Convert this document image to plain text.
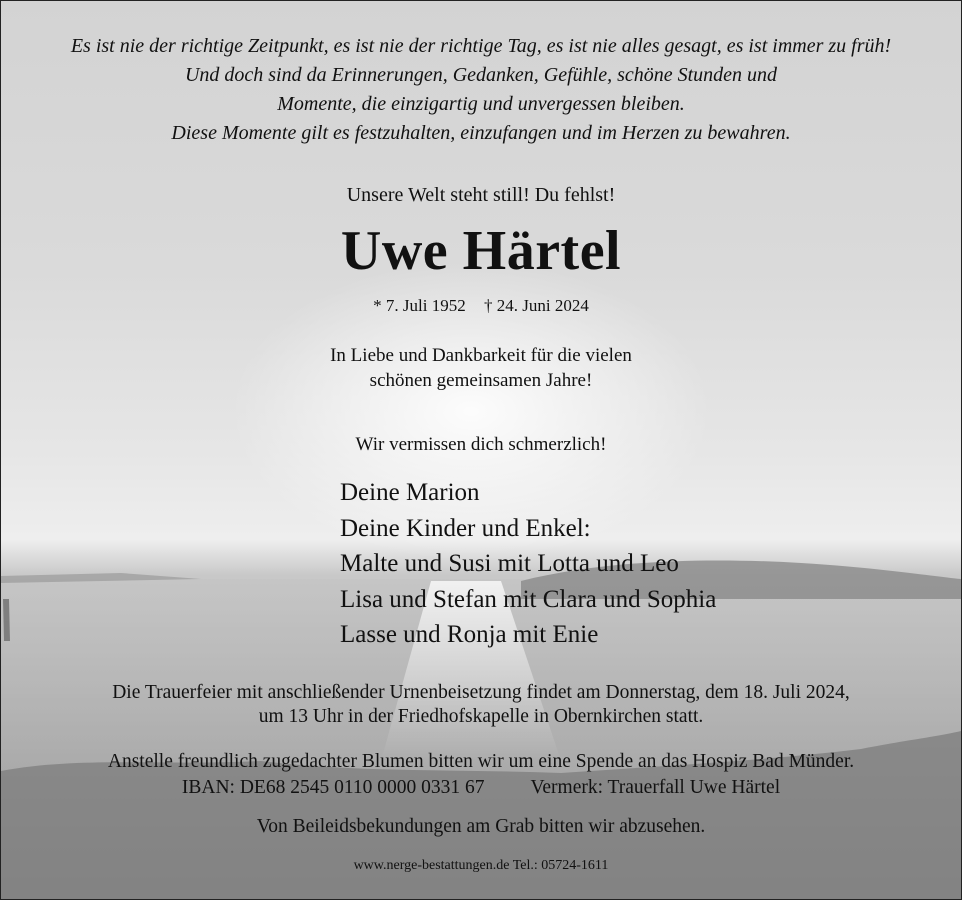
Es ist nie der richtige Zeitpunkt, es ist nie der richtige Tag, es ist nie alles gesagt, es ist immer zu früh!
Und doch sind da Erinnerungen, Gedanken, Gefühle, schöne Stunden und
Momente, die einzigartig und unvergessen bleiben.
Diese Momente gilt es festzuhalten, einzufangen und im Herzen zu bewahren.
Unsere Welt steht still! Du fehlst!
Uwe Härtel
* 7. Juli 1952 † 24. Juni 2024
In Liebe und Dankbarkeit für die vielen
schönen gemeinsamen Jahre!
Wir vermissen dich schmerzlich!
Deine Marion
Deine Kinder und Enkel:
Malte und Susi mit Lotta und Leo
Lisa und Stefan mit Clara und Sophia
Lasse und Ronja mit Enie
Die Trauerfeier mit anschließender Urnenbeisetzung findet am Donnerstag, dem 18. Juli 2024,
um 13 Uhr in der Friedhofskapelle in Obernkirchen statt.
Anstelle freundlich zugedachter Blumen bitten wir um eine Spende an das Hospiz Bad Münder.
IBAN: DE68 2545 0110 0000 0331 67 Vermerk: Trauerfall Uwe Härtel
Von Beileidsbekundungen am Grab bitten wir abzusehen.
www.nerge-bestattungen.de Tel.: 05724-1611
